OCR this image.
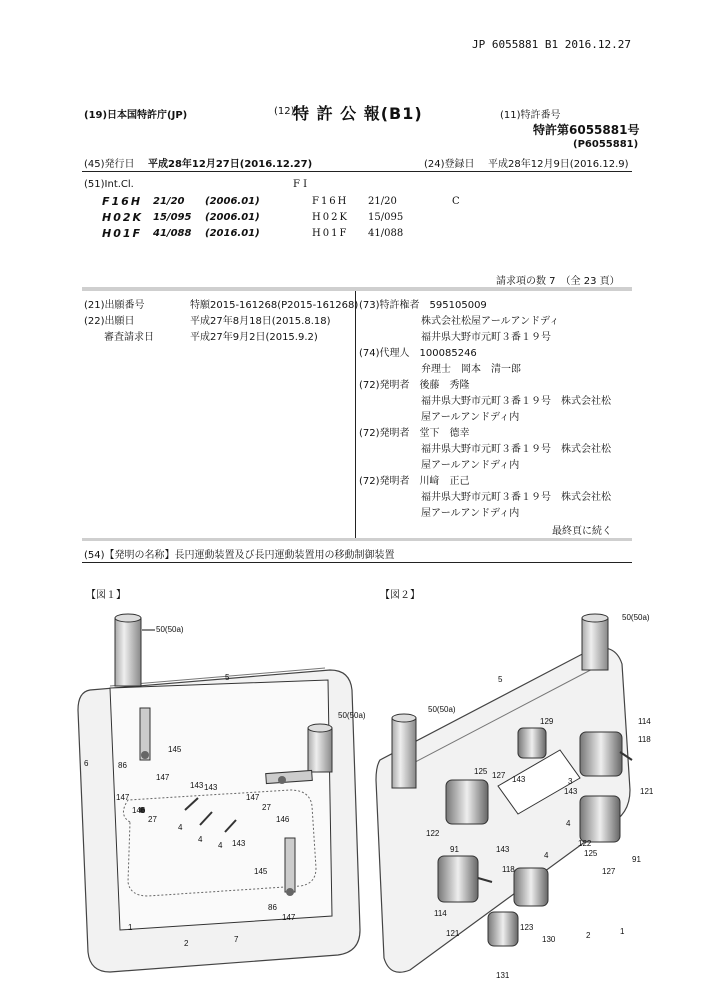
JP 6055881 B1 2016.12.27
(19)日本国特許庁(JP)	(12)
特 許 公 報(B1)	(11)特許番号
特許第6055881号
(P6055881)
(45)発行日 平成28年12月27日(2016.12.27)	(24)登録日 平成28年12月9日(2016.12.9)
(51)Int.Cl.	F I
F16H 21/20 (2006.01)	F16H 21/20	C
H02K 15/095 (2006.01)	H02K 15/095
H01F 41/088 (2016.01)	H01F 41/088
請求項の数 7　（全 23 頁）
(21)出願番号	特願2015-161268(P2015-161268)
(22)出願日	平成27年8月18日(2015.8.18)
審査請求日	平成27年9月2日(2015.9.2)
(73)特許権者　595105009
株式会社松屋アールアンドディ
福井県大野市元町３番１９号
(74)代理人　100085246
弁理士　岡本　清一郎
(72)発明者　後藤　秀隆
福井県大野市元町３番１９号　株式会社松
屋アールアンドディ内
(72)発明者　堂下　德幸
福井県大野市元町３番１９号　株式会社松
屋アールアンドディ内
(72)発明者　川﨑　正己
福井県大野市元町３番１９号　株式会社松
屋アールアンドディ内
最終頁に続く
(54)【発明の名称】長円運動装置及び長円運動装置用の移動制御装置
【図１】	【図２】
50(50a)
5
50(50a)
6
145
86
147
143 143
147
146
27
4
4
4 143
147
27
146
145
86
147
1
2	7
50(50a)
5
50(50a)
129	114
118
125 127 143	3
143	121
122
4
122
125
91	143
4	91
127
114
118
121
123
130	2	1
131
